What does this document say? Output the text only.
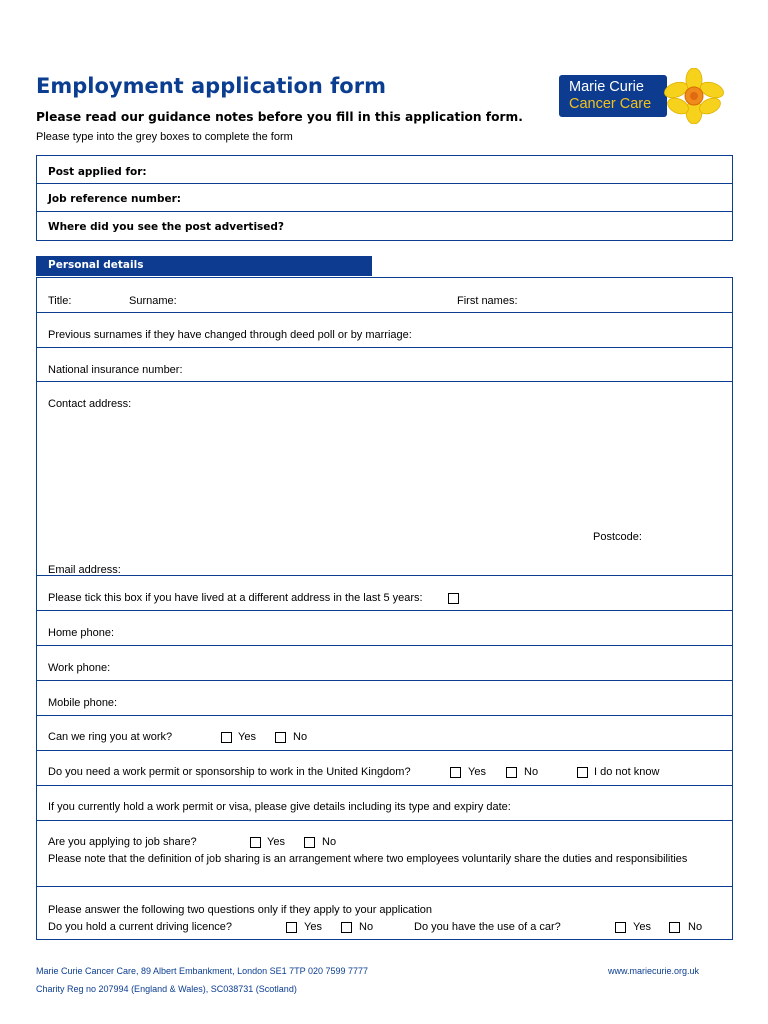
Employment application form
Please read our guidance notes before you fill in this application form.
Please type into the grey boxes to complete the form
Marie Curie
Cancer Care
Post applied for:
Job reference number:
Where did you see the post advertised?
Personal details
Title:	Surname:	First names:
Previous surnames if they have changed through deed poll or by marriage:
National insurance number:
Contact address:
Postcode:
Email address:
Please tick this box if you have lived at a different address in the last 5 years:
Home phone:
Work phone:
Mobile phone:
Can we ring you at work?	Yes	No
Do you need a work permit or sponsorship to work in the United Kingdom?	Yes	No	I do not know
If you currently hold a work permit or visa, please give details including its type and expiry date:
Are you applying to job share?	Yes	No
Please note that the definition of job sharing is an arrangement where two employees voluntarily share the duties and responsibilities
Please answer the following two questions only if they apply to your application
Do you hold a current driving licence?	Yes	No	Do you have the use of a car?	Yes	No
Marie Curie Cancer Care, 89 Albert Embankment, London SE1 7TP 020 7599 7777	www.mariecurie.org.uk
Charity Reg no 207994 (England & Wales), SC038731 (Scotland)
